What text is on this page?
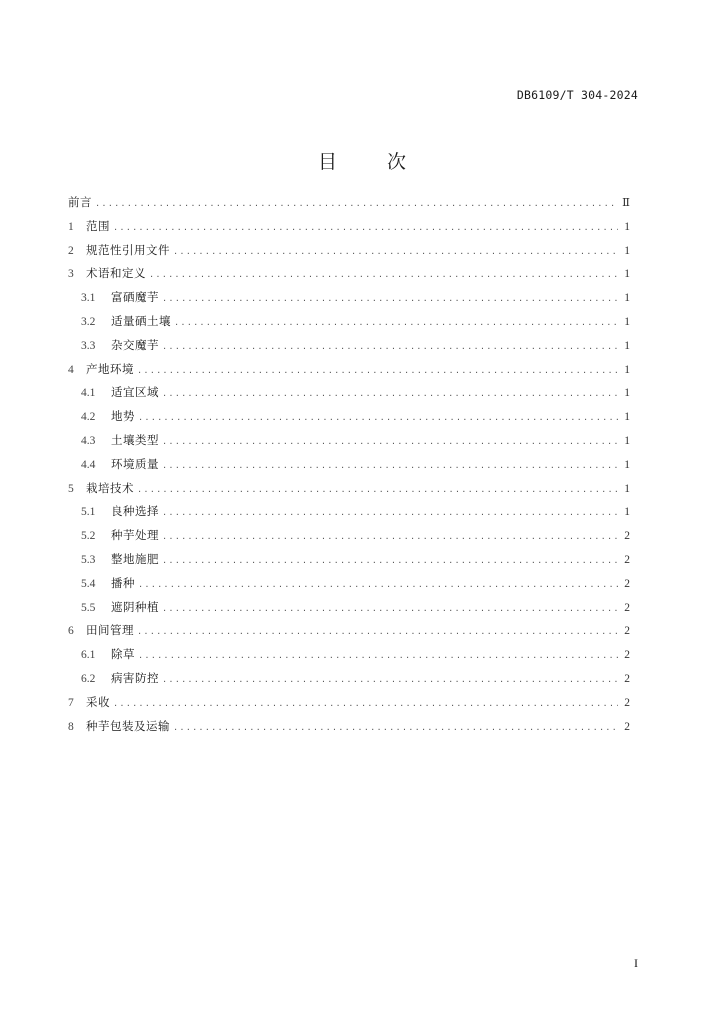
DB6109/T 304-2024
目 次
前言 . . .	Ⅱ
1	范围 . . .	1
2	规范性引用文件 . . .	1
3	术语和定义 . . .	1
3.1	富硒魔芋 . . .	1
3.2	适量硒土壤 . . .	1
3.3	杂交魔芋 . . .	1
4	产地环境 . . .	1
4.1	适宜区域 . . .	1
4.2	地势 . . .	1
4.3	土壤类型 . . .	1
4.4	环境质量 . . .	1
5	栽培技术 . . .	1
5.1	良种选择 . . .	1
5.2	种芋处理 . . .	2
5.3	整地施肥 . . .	2
5.4	播种 . . .	2
5.5	遮阴种植 . . .	2
6	田间管理 . . .	2
6.1	除草 . . .	2
6.2	病害防控 . . .	2
7	采收 . . .	2
8	种芋包装及运输 . . .	2
I
